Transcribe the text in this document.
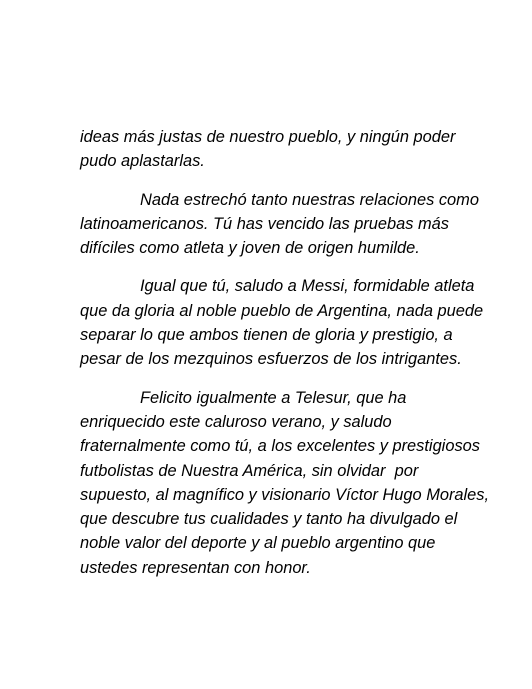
ideas más justas de nuestro pueblo, y ningún poder
pudo aplastarlas.
Nada estrechó tanto nuestras relaciones como
latinoamericanos. Tú has vencido las pruebas más
difíciles como atleta y joven de origen humilde.
Igual que tú, saludo a Messi, formidable atleta
que da gloria al noble pueblo de Argentina, nada puede
separar lo que ambos tienen de gloria y prestigio, a
pesar de los mezquinos esfuerzos de los intrigantes.
Felicito igualmente a Telesur, que ha
enriquecido este caluroso verano, y saludo
fraternalmente como tú, a los excelentes y prestigiosos
futbolistas de Nuestra América, sin olvidar  por
supuesto, al magnífico y visionario Víctor Hugo Morales,
que descubre tus cualidades y tanto ha divulgado el
noble valor del deporte y al pueblo argentino que
ustedes representan con honor.
